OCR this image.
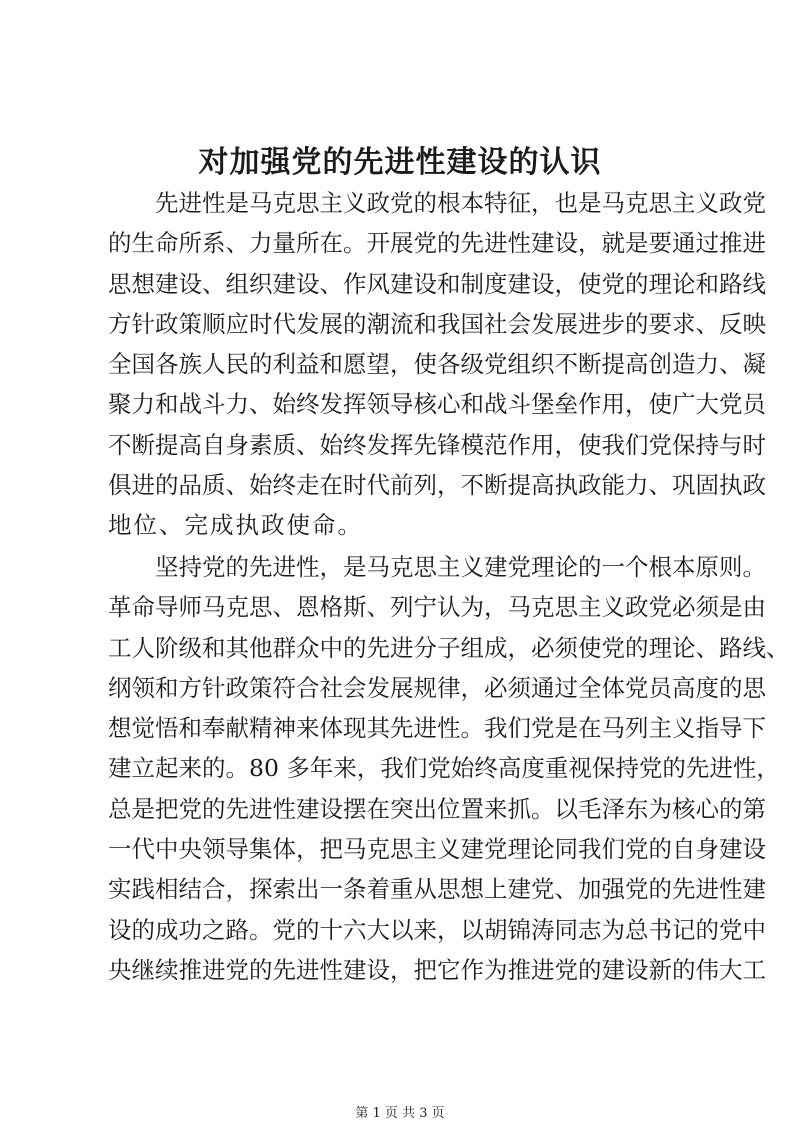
对加强党的先进性建设的认识
先进性是马克思主义政党的根本特征，也是马克思主义政党
的生命所系、力量所在。开展党的先进性建设，就是要通过推进
思想建设、组织建设、作风建设和制度建设，使党的理论和路线
方针政策顺应时代发展的潮流和我国社会发展进步的要求、反映
全国各族人民的利益和愿望，使各级党组织不断提高创造力、凝
聚力和战斗力、始终发挥领导核心和战斗堡垒作用，使广大党员
不断提高自身素质、始终发挥先锋模范作用，使我们党保持与时
俱进的品质、始终走在时代前列，不断提高执政能力、巩固执政
地位、完成执政使命。
坚持党的先进性，是马克思主义建党理论的一个根本原则。
革命导师马克思、恩格斯、列宁认为，马克思主义政党必须是由
工人阶级和其他群众中的先进分子组成，必须使党的理论、路线、
纲领和方针政策符合社会发展规律，必须通过全体党员高度的思
想觉悟和奉献精神来体现其先进性。我们党是在马列主义指导下
建立起来的。80 多年来，我们党始终高度重视保持党的先进性，
总是把党的先进性建设摆在突出位置来抓。以毛泽东为核心的第
一代中央领导集体，把马克思主义建党理论同我们党的自身建设
实践相结合，探索出一条着重从思想上建党、加强党的先进性建
设的成功之路。党的十六大以来，以胡锦涛同志为总书记的党中
央继续推进党的先进性建设，把它作为推进党的建设新的伟大工
第 1 页 共 3 页
